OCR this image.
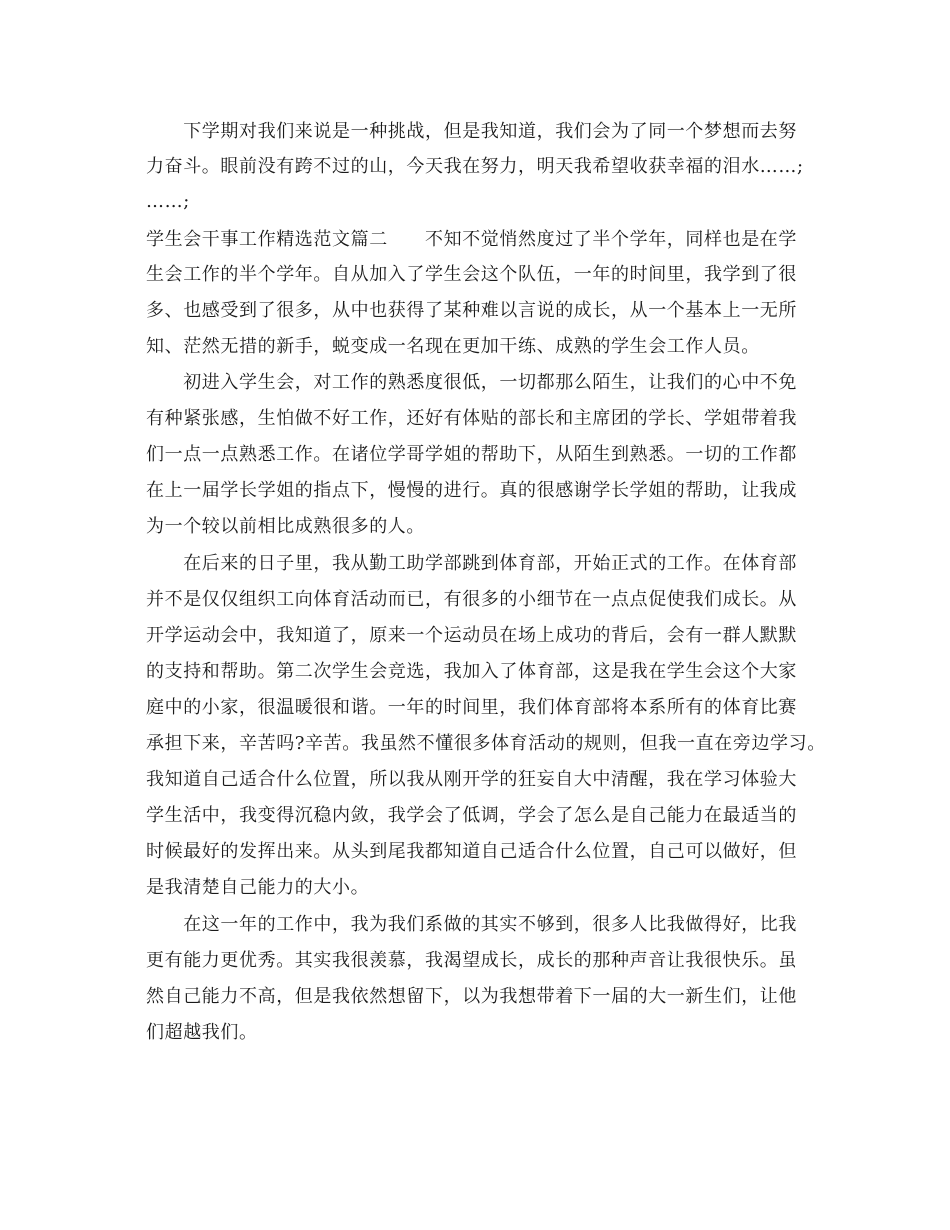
　　下学期对我们来说是一种挑战，但是我知道，我们会为了同一个梦想而去努
力奋斗。眼前没有跨不过的山，今天我在努力，明天我希望收获幸福的泪水……;
……;
学生会干事工作精选范文篇二　　不知不觉悄然度过了半个学年，同样也是在学
生会工作的半个学年。自从加入了学生会这个队伍，一年的时间里，我学到了很
多、也感受到了很多，从中也获得了某种难以言说的成长，从一个基本上一无所
知、茫然无措的新手，蜕变成一名现在更加干练、成熟的学生会工作人员。
　　初进入学生会，对工作的熟悉度很低，一切都那么陌生，让我们的心中不免
有种紧张感，生怕做不好工作，还好有体贴的部长和主席团的学长、学姐带着我
们一点一点熟悉工作。在诸位学哥学姐的帮助下，从陌生到熟悉。一切的工作都
在上一届学长学姐的指点下，慢慢的进行。真的很感谢学长学姐的帮助，让我成
为一个较以前相比成熟很多的人。
　　在后来的日子里，我从勤工助学部跳到体育部，开始正式的工作。在体育部
并不是仅仅组织工向体育活动而已，有很多的小细节在一点点促使我们成长。从
开学运动会中，我知道了，原来一个运动员在场上成功的背后，会有一群人默默
的支持和帮助。第二次学生会竞选，我加入了体育部，这是我在学生会这个大家
庭中的小家，很温暖很和谐。一年的时间里，我们体育部将本系所有的体育比赛
承担下来，辛苦吗?辛苦。我虽然不懂很多体育活动的规则，但我一直在旁边学习。
我知道自己适合什么位置，所以我从刚开学的狂妄自大中清醒，我在学习体验大
学生活中，我变得沉稳内敛，我学会了低调，学会了怎么是自己能力在最适当的
时候最好的发挥出来。从头到尾我都知道自己适合什么位置，自己可以做好，但
是我清楚自己能力的大小。
　　在这一年的工作中，我为我们系做的其实不够到，很多人比我做得好，比我
更有能力更优秀。其实我很羡慕，我渴望成长，成长的那种声音让我很快乐。虽
然自己能力不高，但是我依然想留下，以为我想带着下一届的大一新生们，让他
们超越我们。
